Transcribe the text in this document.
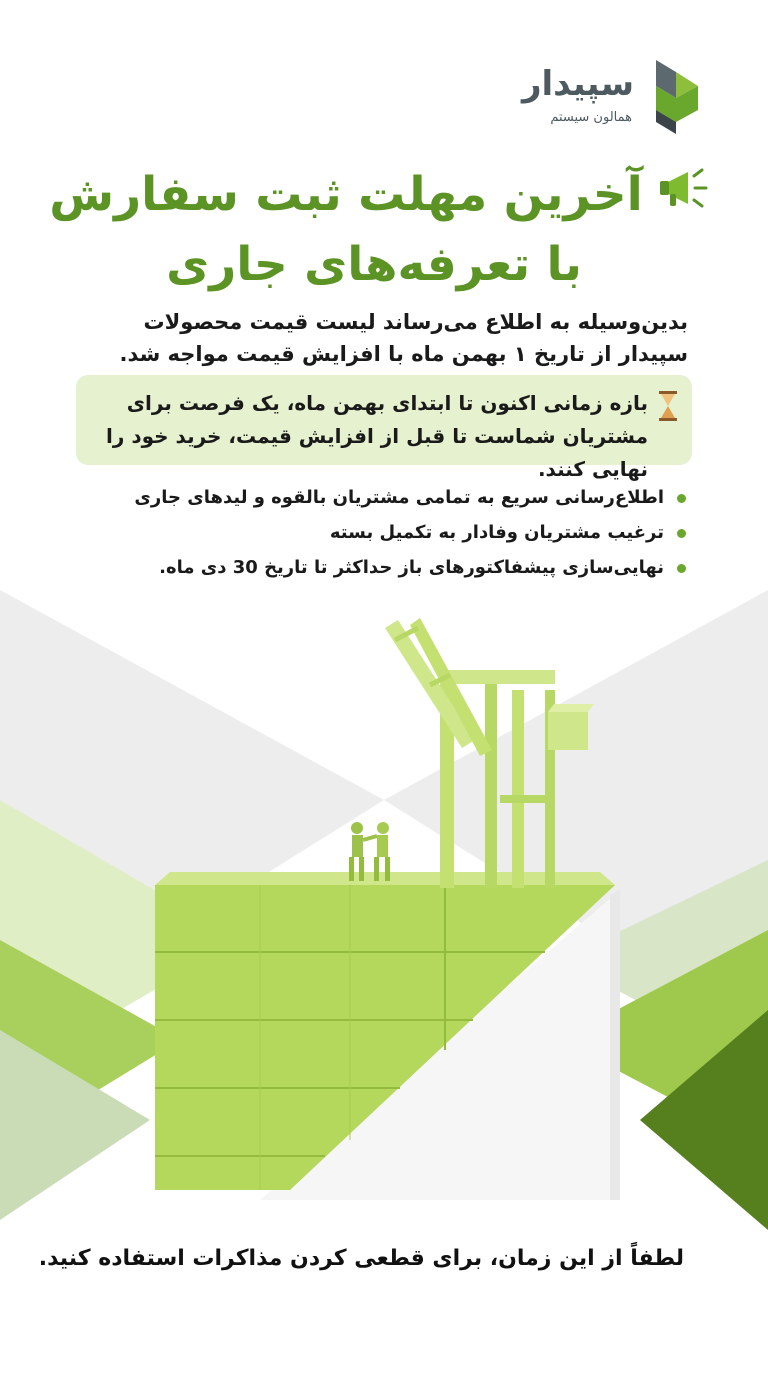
سپیدار
همالون سیستم
آخرین مهلت ثبت سفارش
با تعرفه‌های جاری
بدین‌وسیله به اطلاع می‌رساند لیست قیمت محصولات سپیدار از تاریخ ۱ بهمن ماه با افزایش قیمت مواجه شد.
بازه زمانی اکنون تا ابتدای بهمن ماه، یک فرصت برای مشتریان شماست تا قبل از افزایش قیمت، خرید خود را نهایی کنند.
اطلاع‌رسانی سریع به تمامی مشتریان بالقوه و لیدهای جاری
ترغیب مشتریان وفادار به تکمیل بسته
نهایی‌سازی پیشفاکتورهای باز حداکثر تا تاریخ 30 دی ماه.
لطفاً از این زمان، برای قطعی کردن مذاکرات استفاده کنید.
